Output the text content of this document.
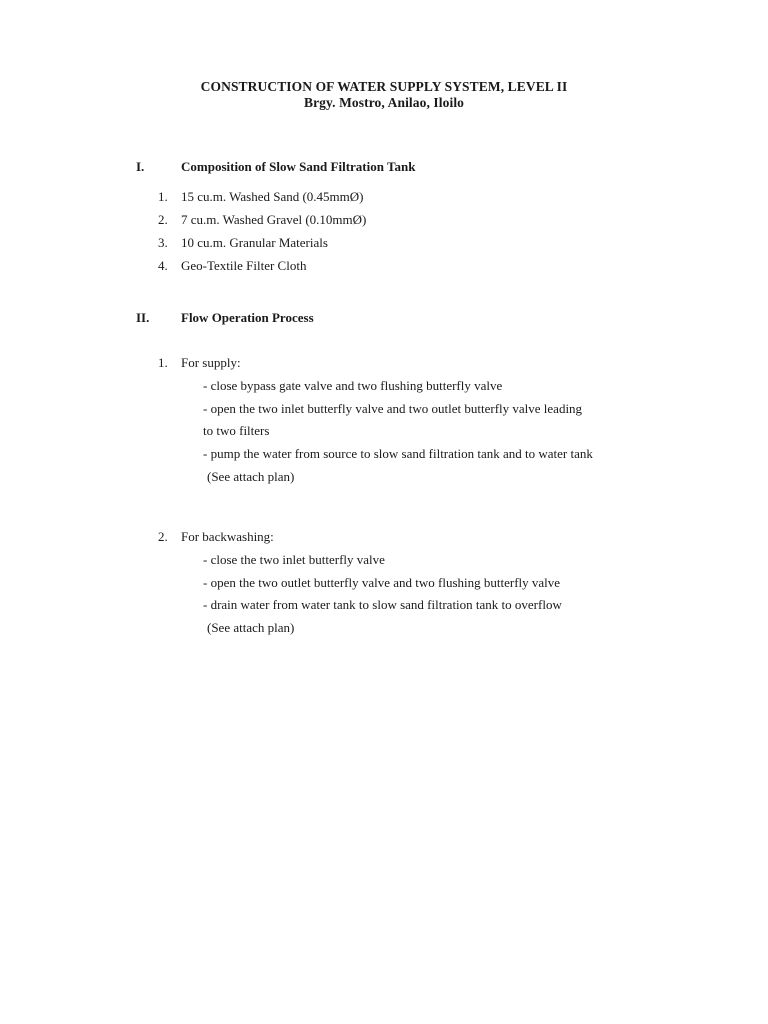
CONSTRUCTION OF WATER SUPPLY SYSTEM, LEVEL II
Brgy. Mostro, Anilao, Iloilo
I.	Composition of Slow Sand Filtration Tank
1. 15 cu.m. Washed Sand (0.45mmØ)
2. 7 cu.m. Washed Gravel (0.10mmØ)
3. 10 cu.m. Granular Materials
4. Geo-Textile Filter Cloth
II. Flow Operation Process
1. For supply:
- close bypass gate valve and two flushing butterfly valve
- open the two inlet butterfly valve and two outlet butterfly valve leading
to two filters
- pump the water from source to slow sand filtration tank and to water tank
(See attach plan)
2. For backwashing:
- close the two inlet butterfly valve
- open the two outlet butterfly valve and two flushing butterfly valve
- drain water from water tank to slow sand filtration tank to overflow
(See attach plan)
